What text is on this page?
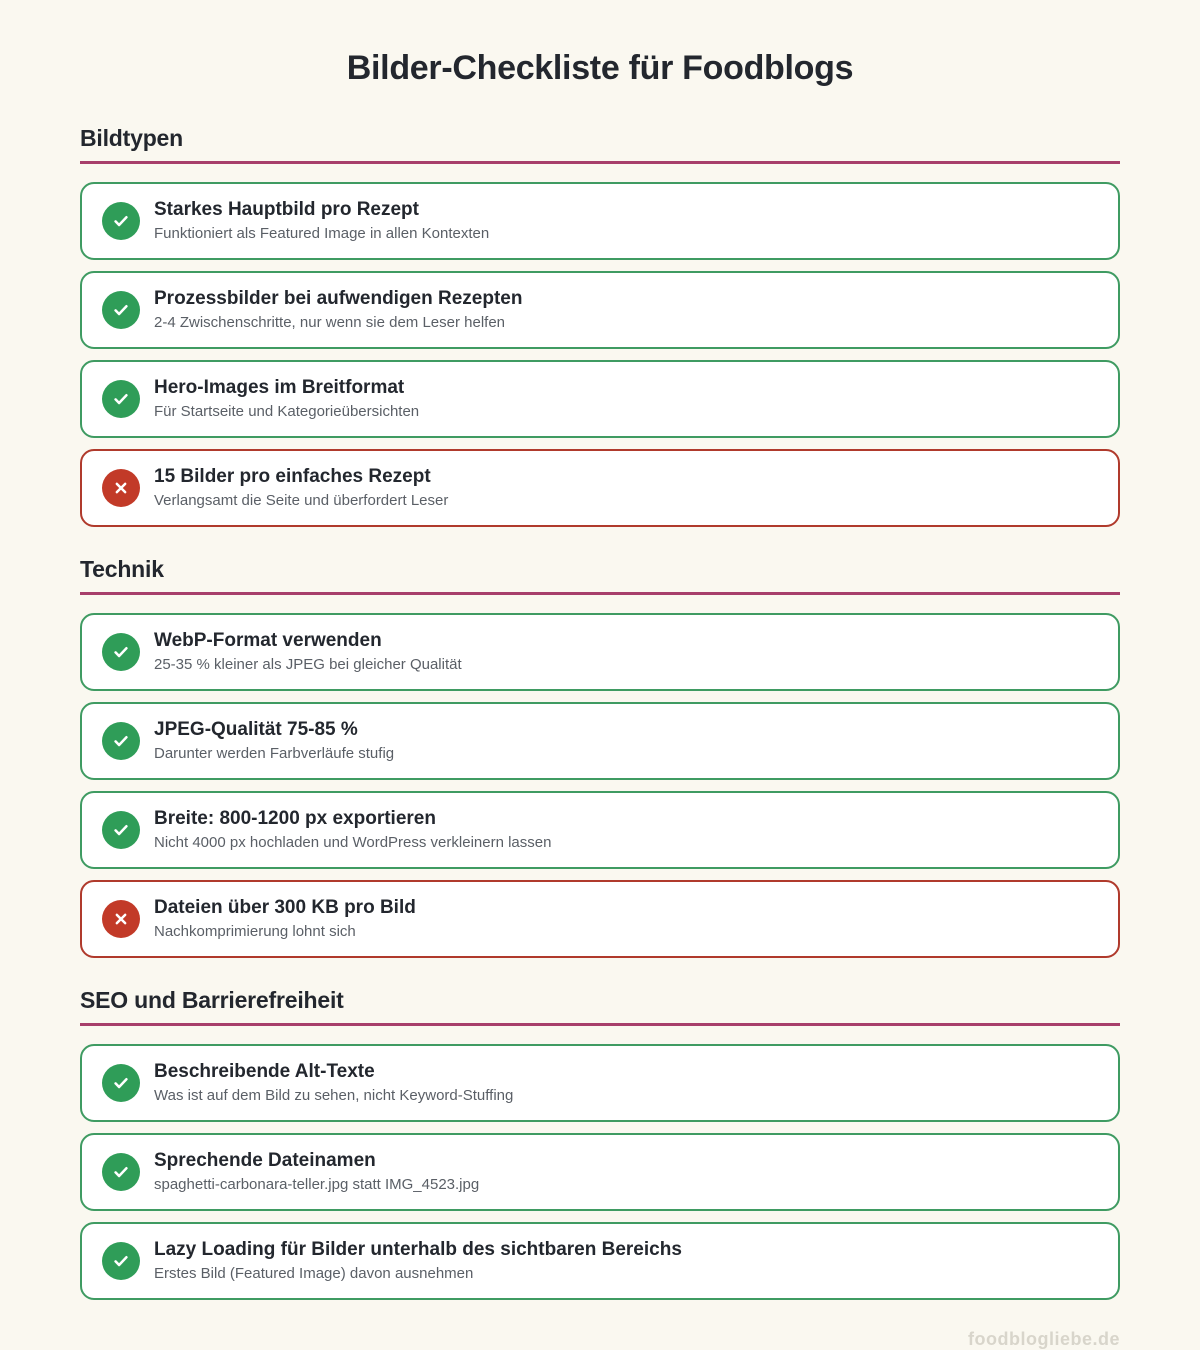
Bilder-Checkliste für Foodblogs
Bildtypen
Starkes Hauptbild pro Rezept
Funktioniert als Featured Image in allen Kontexten
Prozessbilder bei aufwendigen Rezepten
2-4 Zwischenschritte, nur wenn sie dem Leser helfen
Hero-Images im Breitformat
Für Startseite und Kategorieübersichten
15 Bilder pro einfaches Rezept
Verlangsamt die Seite und überfordert Leser
Technik
WebP-Format verwenden
25-35 % kleiner als JPEG bei gleicher Qualität
JPEG-Qualität 75-85 %
Darunter werden Farbverläufe stufig
Breite: 800-1200 px exportieren
Nicht 4000 px hochladen und WordPress verkleinern lassen
Dateien über 300 KB pro Bild
Nachkomprimierung lohnt sich
SEO und Barrierefreiheit
Beschreibende Alt-Texte
Was ist auf dem Bild zu sehen, nicht Keyword-Stuffing
Sprechende Dateinamen
spaghetti-carbonara-teller.jpg statt IMG_4523.jpg
Lazy Loading für Bilder unterhalb des sichtbaren Bereichs
Erstes Bild (Featured Image) davon ausnehmen
foodblogliebe.de
